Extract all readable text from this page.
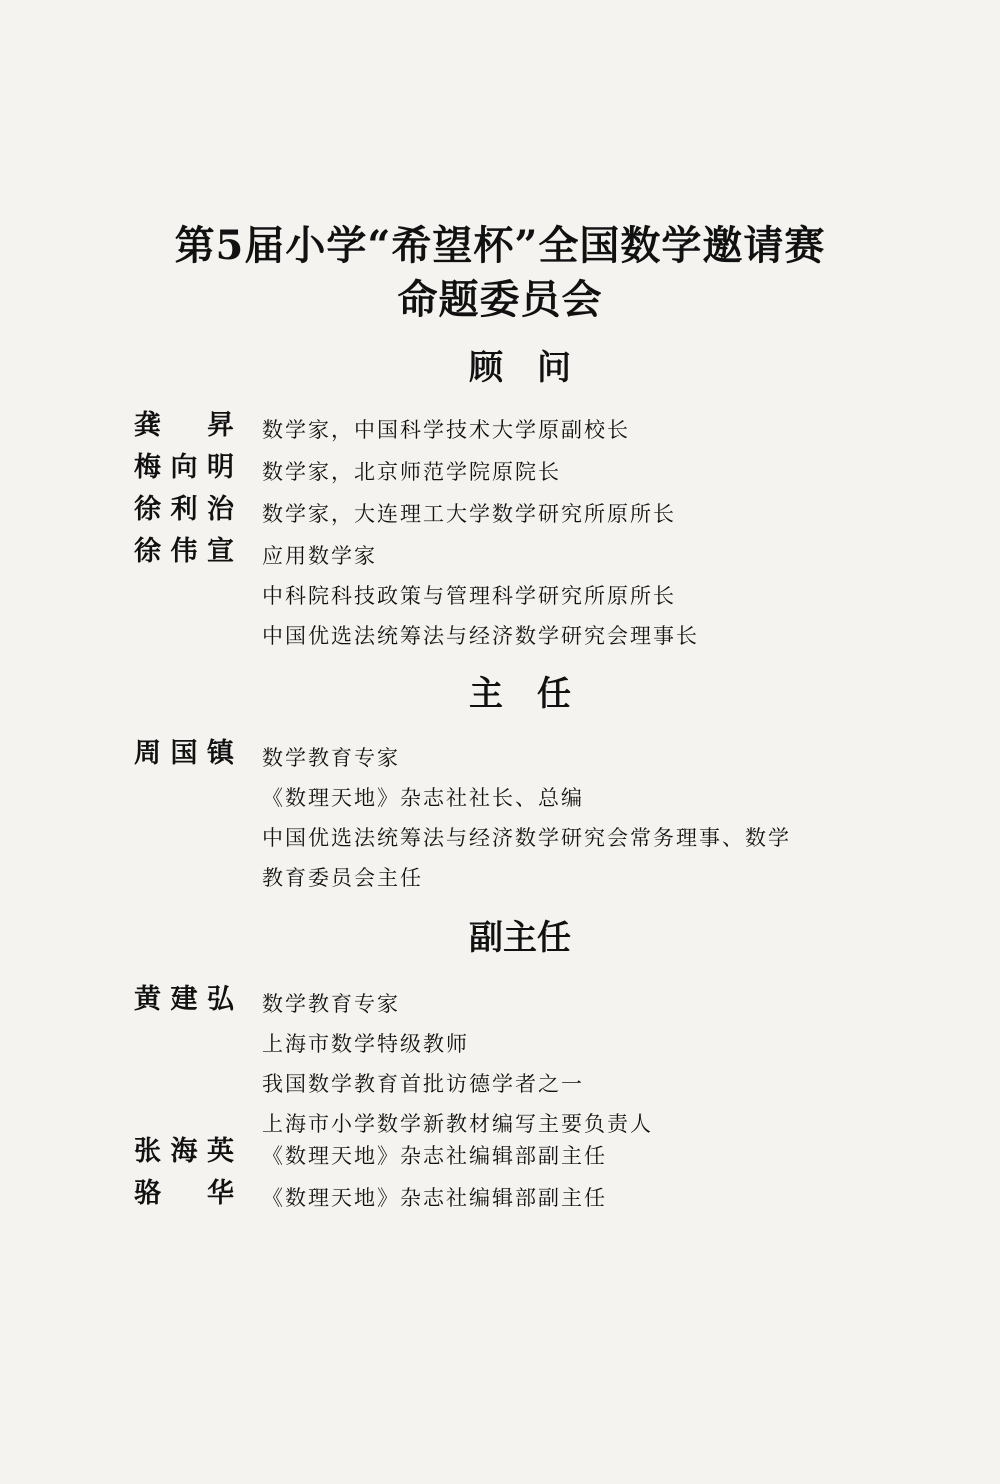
第5届小学“希望杯”全国数学邀请赛
命题委员会
顾　问
龚　昇 数学家，中国科学技术大学原副校长
梅向明 数学家，北京师范学院原院长
徐利治 数学家，大连理工大学数学研究所原所长
徐伟宣 应用数学家
中科院科技政策与管理科学研究所原所长
中国优选法统筹法与经济数学研究会理事长
主　任
周国镇 数学教育专家
《数理天地》杂志社社长、总编
中国优选法统筹法与经济数学研究会常务理事、数学
教育委员会主任
副主任
黄建弘 数学教育专家
上海市数学特级教师
我国数学教育首批访德学者之一
上海市小学数学新教材编写主要负责人
张海英 《数理天地》杂志社编辑部副主任
骆　华 《数理天地》杂志社编辑部副主任
